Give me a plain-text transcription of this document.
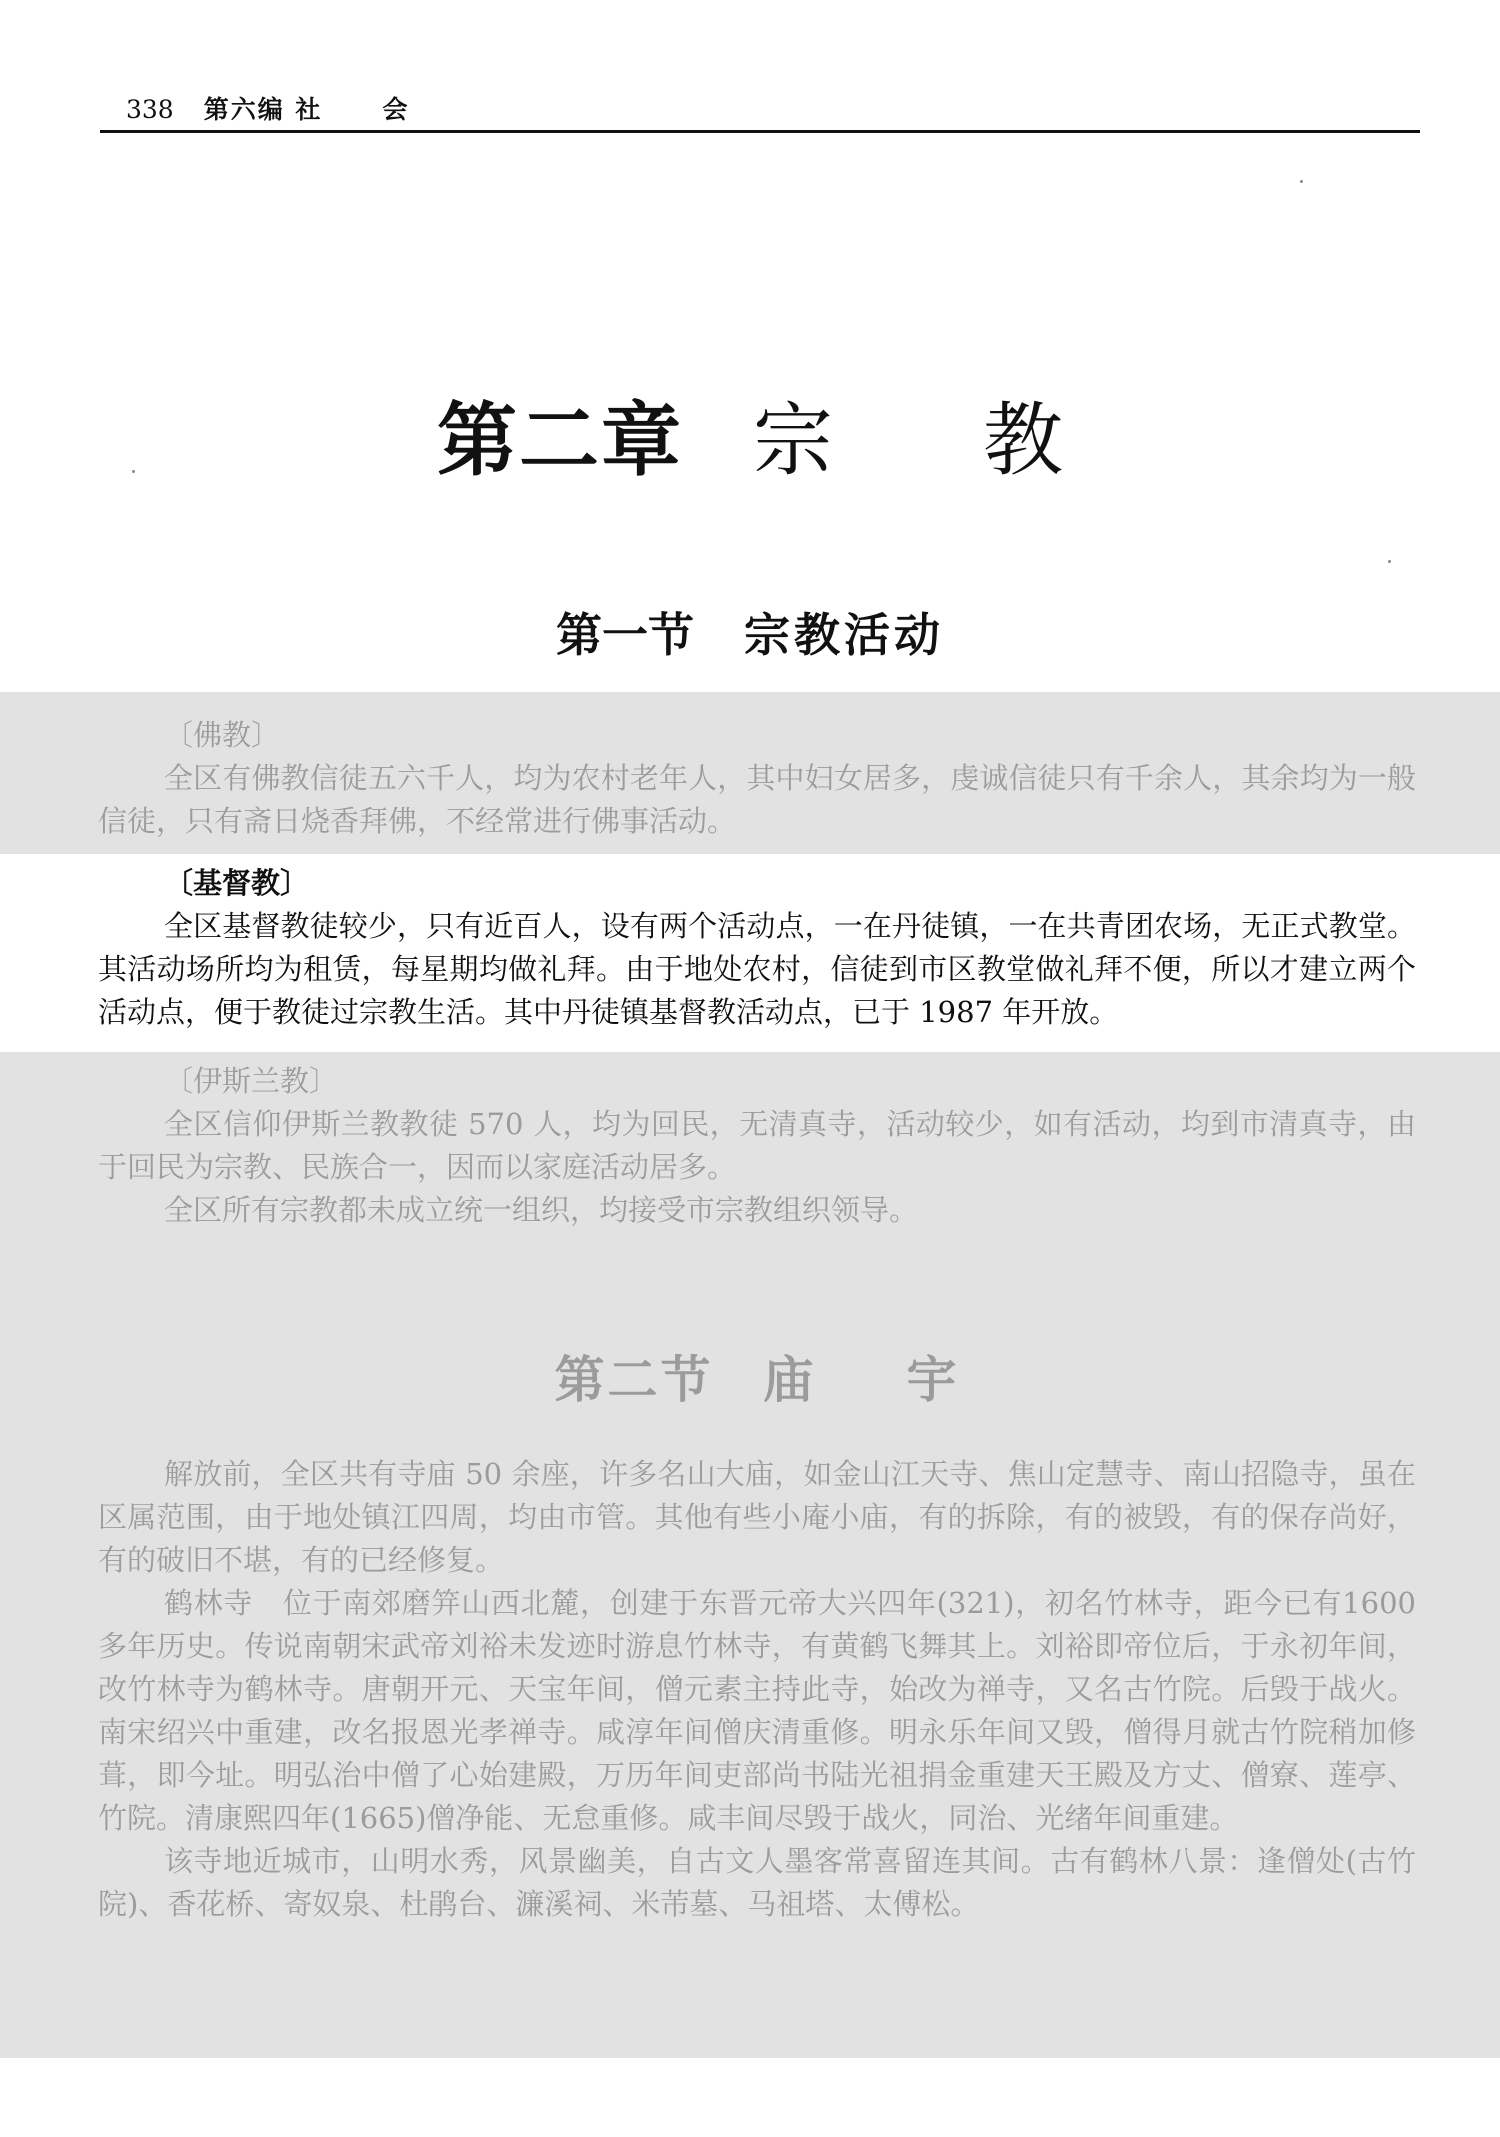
338 第六编 社 会
第二章 宗 教
第一节 宗教活动
〔佛教〕

全区有佛教信徒五六千人，均为农村老年人，其中妇女居多，虔诚信徒只有千余人，其余均为一般信徒，只有斋日烧香拜佛，不经常进行佛事活动。

〔基督教〕

全区基督教徒较少，只有近百人，设有两个活动点，一在丹徒镇，一在共青团农场，无正式教堂。其活动场所均为租赁，每星期均做礼拜。由于地处农村，信徒到市区教堂做礼拜不便，所以才建立两个活动点，便于教徒过宗教生活。其中丹徒镇基督教活动点，已于 1987 年开放。

〔伊斯兰教〕

全区信仰伊斯兰教教徒 570 人，均为回民，无清真寺，活动较少，如有活动，均到市清真寺，由于回民为宗教、民族合一，因而以家庭活动居多。

全区所有宗教都未成立统一组织，均接受市宗教组织领导。

第二节 庙 宇

解放前，全区共有寺庙 50 余座，许多名山大庙，如金山江天寺、焦山定慧寺、南山招隐寺，虽在区属范围，由于地处镇江四周，均由市管。其他有些小庵小庙，有的拆除，有的被毁，有的保存尚好，有的破旧不堪，有的已经修复。

鹤林寺　位于南郊磨笄山西北麓，创建于东晋元帝大兴四年(321)，初名竹林寺，距今已有1600 多年历史。传说南朝宋武帝刘裕未发迹时游息竹林寺，有黄鹤飞舞其上。刘裕即帝位后，于永初年间，改竹林寺为鹤林寺。唐朝开元、天宝年间，僧元素主持此寺，始改为禅寺，又名古竹院。后毁于战火。南宋绍兴中重建，改名报恩光孝禅寺。咸淳年间僧庆清重修。明永乐年间又毁，僧得月就古竹院稍加修葺，即今址。明弘治中僧了心始建殿，万历年间吏部尚书陆光祖捐金重建天王殿及方丈、僧寮、莲亭、竹院。清康熙四年(1665)僧净能、无怠重修。咸丰间尽毁于战火，同治、光绪年间重建。

该寺地近城市，山明水秀，风景幽美，自古文人墨客常喜留连其间。古有鹤林八景：逢僧处(古竹院)、香花桥、寄奴泉、杜鹃台、濂溪祠、米芾墓、马祖塔、太傅松。
